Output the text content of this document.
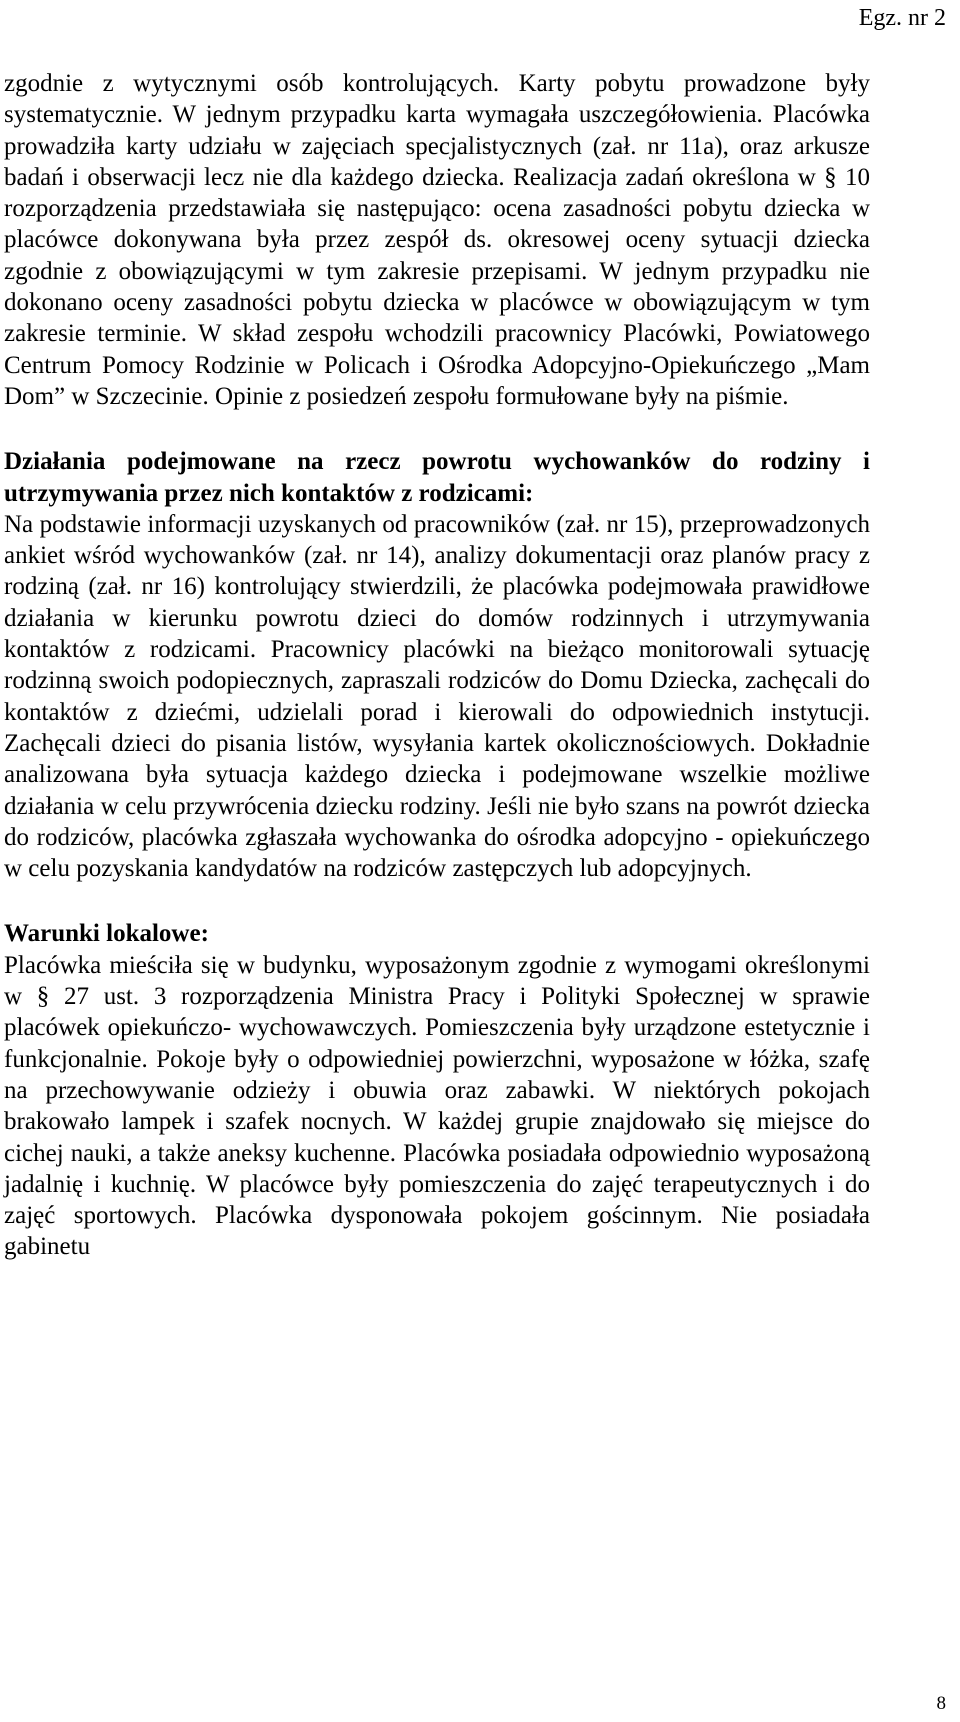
Egz. nr 2

zgodnie z wytycznymi osób kontrolujących. Karty pobytu prowadzone były systematycznie. W jednym przypadku karta wymagała uszczegółowienia. Placówka prowadziła karty udziału w zajęciach specjalistycznych (zał. nr 11a), oraz arkusze badań i obserwacji lecz nie dla każdego dziecka. Realizacja zadań określona w § 10 rozporządzenia przedstawiała się następująco: ocena zasadności pobytu dziecka w placówce dokonywana była przez zespół ds. okresowej oceny sytuacji dziecka zgodnie z obowiązującymi w tym zakresie przepisami. W jednym przypadku nie dokonano oceny zasadności pobytu dziecka w placówce w obowiązującym w tym zakresie terminie. W skład zespołu wchodzili pracownicy Placówki, Powiatowego Centrum Pomocy Rodzinie w Policach i Ośrodka Adopcyjno-Opiekuńczego „Mam Dom” w Szczecinie. Opinie z posiedzeń zespołu formułowane były na piśmie.

Działania podejmowane na rzecz powrotu wychowanków do rodziny i utrzymywania przez nich kontaktów z rodzicami:

Na podstawie informacji uzyskanych od pracowników (zał. nr 15), przeprowadzonych ankiet wśród wychowanków (zał. nr 14), analizy dokumentacji oraz planów pracy z rodziną (zał. nr 16) kontrolujący stwierdzili, że placówka podejmowała prawidłowe działania w kierunku powrotu dzieci do domów rodzinnych i utrzymywania kontaktów z rodzicami. Pracownicy placówki na bieżąco monitorowali sytuację rodzinną swoich podopiecznych, zapraszali rodziców do Domu Dziecka, zachęcali do kontaktów z dziećmi, udzielali porad i kierowali do odpowiednich instytucji. Zachęcali dzieci do pisania listów, wysyłania kartek okolicznościowych. Dokładnie analizowana była sytuacja każdego dziecka i podejmowane wszelkie możliwe działania w celu przywrócenia dziecku rodziny. Jeśli nie było szans na powrót dziecka do rodziców, placówka zgłaszała wychowanka do ośrodka adopcyjno - opiekuńczego w celu pozyskania kandydatów na rodziców zastępczych lub adopcyjnych.

Warunki lokalowe:

Placówka mieściła się w budynku, wyposażonym zgodnie z wymogami określonymi w § 27 ust. 3 rozporządzenia Ministra Pracy i Polityki Społecznej w sprawie placówek opiekuńczo- wychowawczych. Pomieszczenia były urządzone estetycznie i funkcjonalnie. Pokoje były o odpowiedniej powierzchni, wyposażone w łóżka, szafę na przechowywanie odzieży i obuwia oraz zabawki. W niektórych pokojach brakowało lampek i szafek nocnych. W każdej grupie znajdowało się miejsce do cichej nauki, a także aneksy kuchenne. Placówka posiadała odpowiednio wyposażoną jadalnię i kuchnię. W placówce były pomieszczenia do zajęć terapeutycznych i do zajęć sportowych. Placówka dysponowała pokojem gościnnym. Nie posiadała gabinetu

8
